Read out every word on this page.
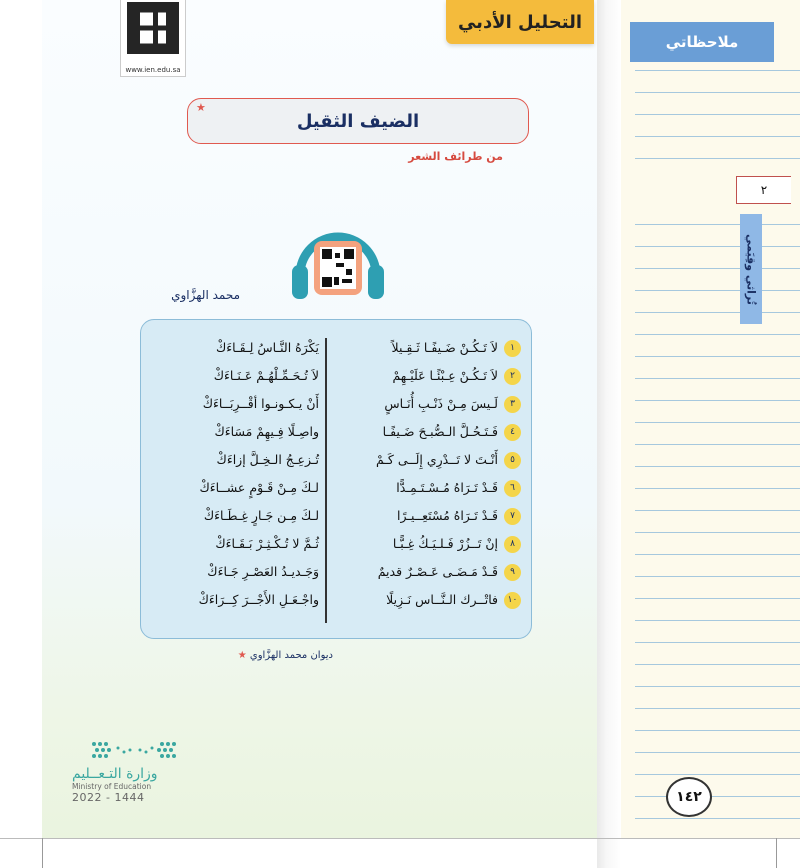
www.ien.edu.sa
التحليل الأدبي
★
الضيف الثقيل
من طرائف الشعر
محمد الهزَّاوي
١لاَ تَـكُـنْ ضَـيفًـا ثَـقِـيلاً
يَكْرَهُ النَّـاسُ لِـقَـاءَكْ
٢لاَ تَـكُـنْ عِـبْئًـا عَلَيْـهِمْ
لاَ تُـحَـمِّـلْهُـمْ عَـنَـاءَكْ
٣لَـيسَ مِـنْ ذَنْـبِ أُنَـاسٍ
أَنْ يـكـونـوا أقْــرِبَــاءَكْ
٤فَـتَـحُـلَّ الـصُّبـحَ ضَـيفًـا
واصِـلًا فِـيهِمْ مَسَاءَكْ
٥أَنْـتَ لا تَــدْرِي إِلَــى كَـمْ
تُـزعِـجُ الـخِـلَّ إزاءَكْ
٦قَـدْ تَـرَاهُ مُـسْـتَـمِـدًّا
لـكَ مِـنْ قَـوْمٍ عشــاءَكْ
٧قَـدْ تَـرَاهُ مُسْتَعِــيـرًا
لـكَ مِـن جَـارٍ غِـطَـاءَكْ
٨إنْ تَــزُرْ فَـلـيَـكُ غِـبًّـا
ثُـمَّ لا تُـكْـثِـرْ بَـقَـاءَكْ
٩قَـدْ مَـضَـى عَـصْـرٌ قديمٌ
وَجَـديـدُ العَصْـرِ جَـاءَكْ
١٠فاتْــرك الـنَّــاس نَـزِيلًا
واجْـعَـلِ الأَجْــرَ كِــرَاءَكْ
★ ديوان محمد الهزَّاوي
وزارة التـعــليم
Ministry of Education
2022 - 1444
ملاحظاتي
٢
تُراثي وقِيَمي
١٤٢
